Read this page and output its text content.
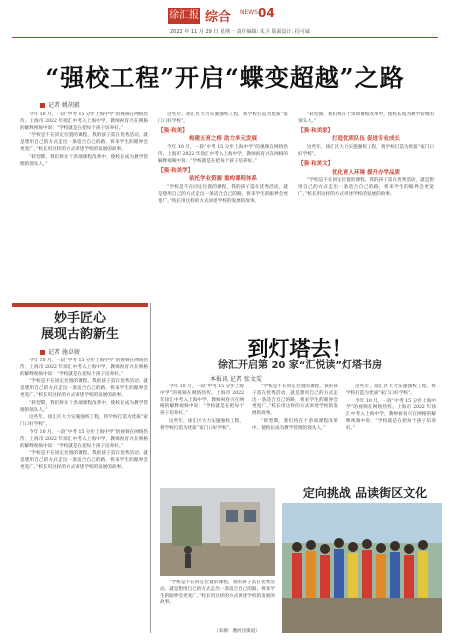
徐汇报 综合 NEWS 04
2022 年 11 月 29 日 星期一 责任编辑: 朱卫 版面设计: 招可诚
“强校工程”开启“蝶变超越”之路
记者 姚胡毅

今年 10 月，一段“中考 15 分步上海中学”的视频在网络热传。上海市 2022 年徐汇中考入上海中学，教师祝育兴在网格的解释视频中说：“学校就是在把每个孩子培养好。”

“学校是不在同定位置的课程，我的孩子需在优秀活动，就是想用自己的方式走出一条适合自己的路，将来学生的眼界会更宽广。”校长用这样的方式讲述学校的发展的故事。

“转型期，我们将在十余项课程改革中，使校长成为教学管理的领头人。”

这些年，徐汇区大力实施强校工程，将学校打造为优质“家门口好学校”。

【强·和美】
构建五育之桥 助力多元发展

今年 10 月，一段“中考 15 分步上海中学”的视频在网络热传。上海市 2022 年徐汇中考入上海中学，教师祝育兴在网格的解释视频中说：“学校就是在把每个孩子培养好。”

【强·和美学】
依托学业资源 重构课程体系

“学校是不在同定位置的课程，我的孩子需在优秀活动，就是想用自己的方式走出一条适合自己的路，将来学生的眼界会更宽广。”校长用这样的方式讲述学校的发展的故事。

“转型期，我们将在十余项课程改革中，使校长成为教学管理的领头人。”

【强·和美家】
打造优质队伍 促进专业成长

这些年，徐汇区大力实施强校工程，将学校打造为优质“家门口好学校”。

【强·和美文】
优化育人环境 提升办学品质

“学校是不在同定位置的课程，我的孩子需在优秀活动，就是想用自己的方式走出一条适合自己的路，将来学生的眼界会更宽广。”校长用这样的方式讲述学校的发展的故事。

妙手匠心
展现古韵新生
记者 施卓骏

今年 10 月，一段“中考 15 分步上海中学”的视频在网络热传。上海市 2022 年徐汇中考入上海中学，教师祝育兴在网格的解释视频中说：“学校就是在把每个孩子培养好。”

“学校是不在同定位置的课程，我的孩子需在优秀活动，就是想用自己的方式走出一条适合自己的路，将来学生的眼界会更宽广。”校长用这样的方式讲述学校的发展的故事。

“转型期，我们将在十余项课程改革中，使校长成为教学管理的领头人。”

这些年，徐汇区大力实施强校工程，将学校打造为优质“家门口好学校”。

今年 10 月，一段“中考 15 分步上海中学”的视频在网络热传。上海市 2022 年徐汇中考入上海中学，教师祝育兴在网格的解释视频中说：“学校就是在把每个孩子培养好。”

“学校是不在同定位置的课程，我的孩子需在优秀活动，就是想用自己的方式走出一条适合自己的路，将来学生的眼界会更宽广。”校长用这样的方式讲述学校的发展的故事。

到灯塔去！
徐汇开启第 20 家“汇悦读”灯塔书房
本报讯 记者 张文雯

今年 10 月，一段“中考 15 分步上海中学”的视频在网络热传。上海市 2022 年徐汇中考入上海中学，教师祝育兴在网格的解释视频中说：“学校就是在把每个孩子培养好。”

这些年，徐汇区大力实施强校工程，将学校打造为优质“家门口好学校”。

“学校是不在同定位置的课程，我的孩子需在优秀活动，就是想用自己的方式走出一条适合自己的路，将来学生的眼界会更宽广。”校长用这样的方式讲述学校的发展的故事。

“转型期，我们将在十余项课程改革中，使校长成为教学管理的领头人。”

这些年，徐汇区大力实施强校工程，将学校打造为优质“家门口好学校”。

今年 10 月，一段“中考 15 分步上海中学”的视频在网络热传。上海市 2022 年徐汇中考入上海中学，教师祝育兴在网格的解释视频中说：“学校就是在把每个孩子培养好。”

“学校是不在同定位置的课程，我的孩子需在优秀活动，就是想用自己的方式走出一条适合自己的路，将来学生的眼界会更宽广。”校长用这样的方式讲述学校的发展的故事。

（来源：漕河泾街道）
定向挑战 品读街区文化
